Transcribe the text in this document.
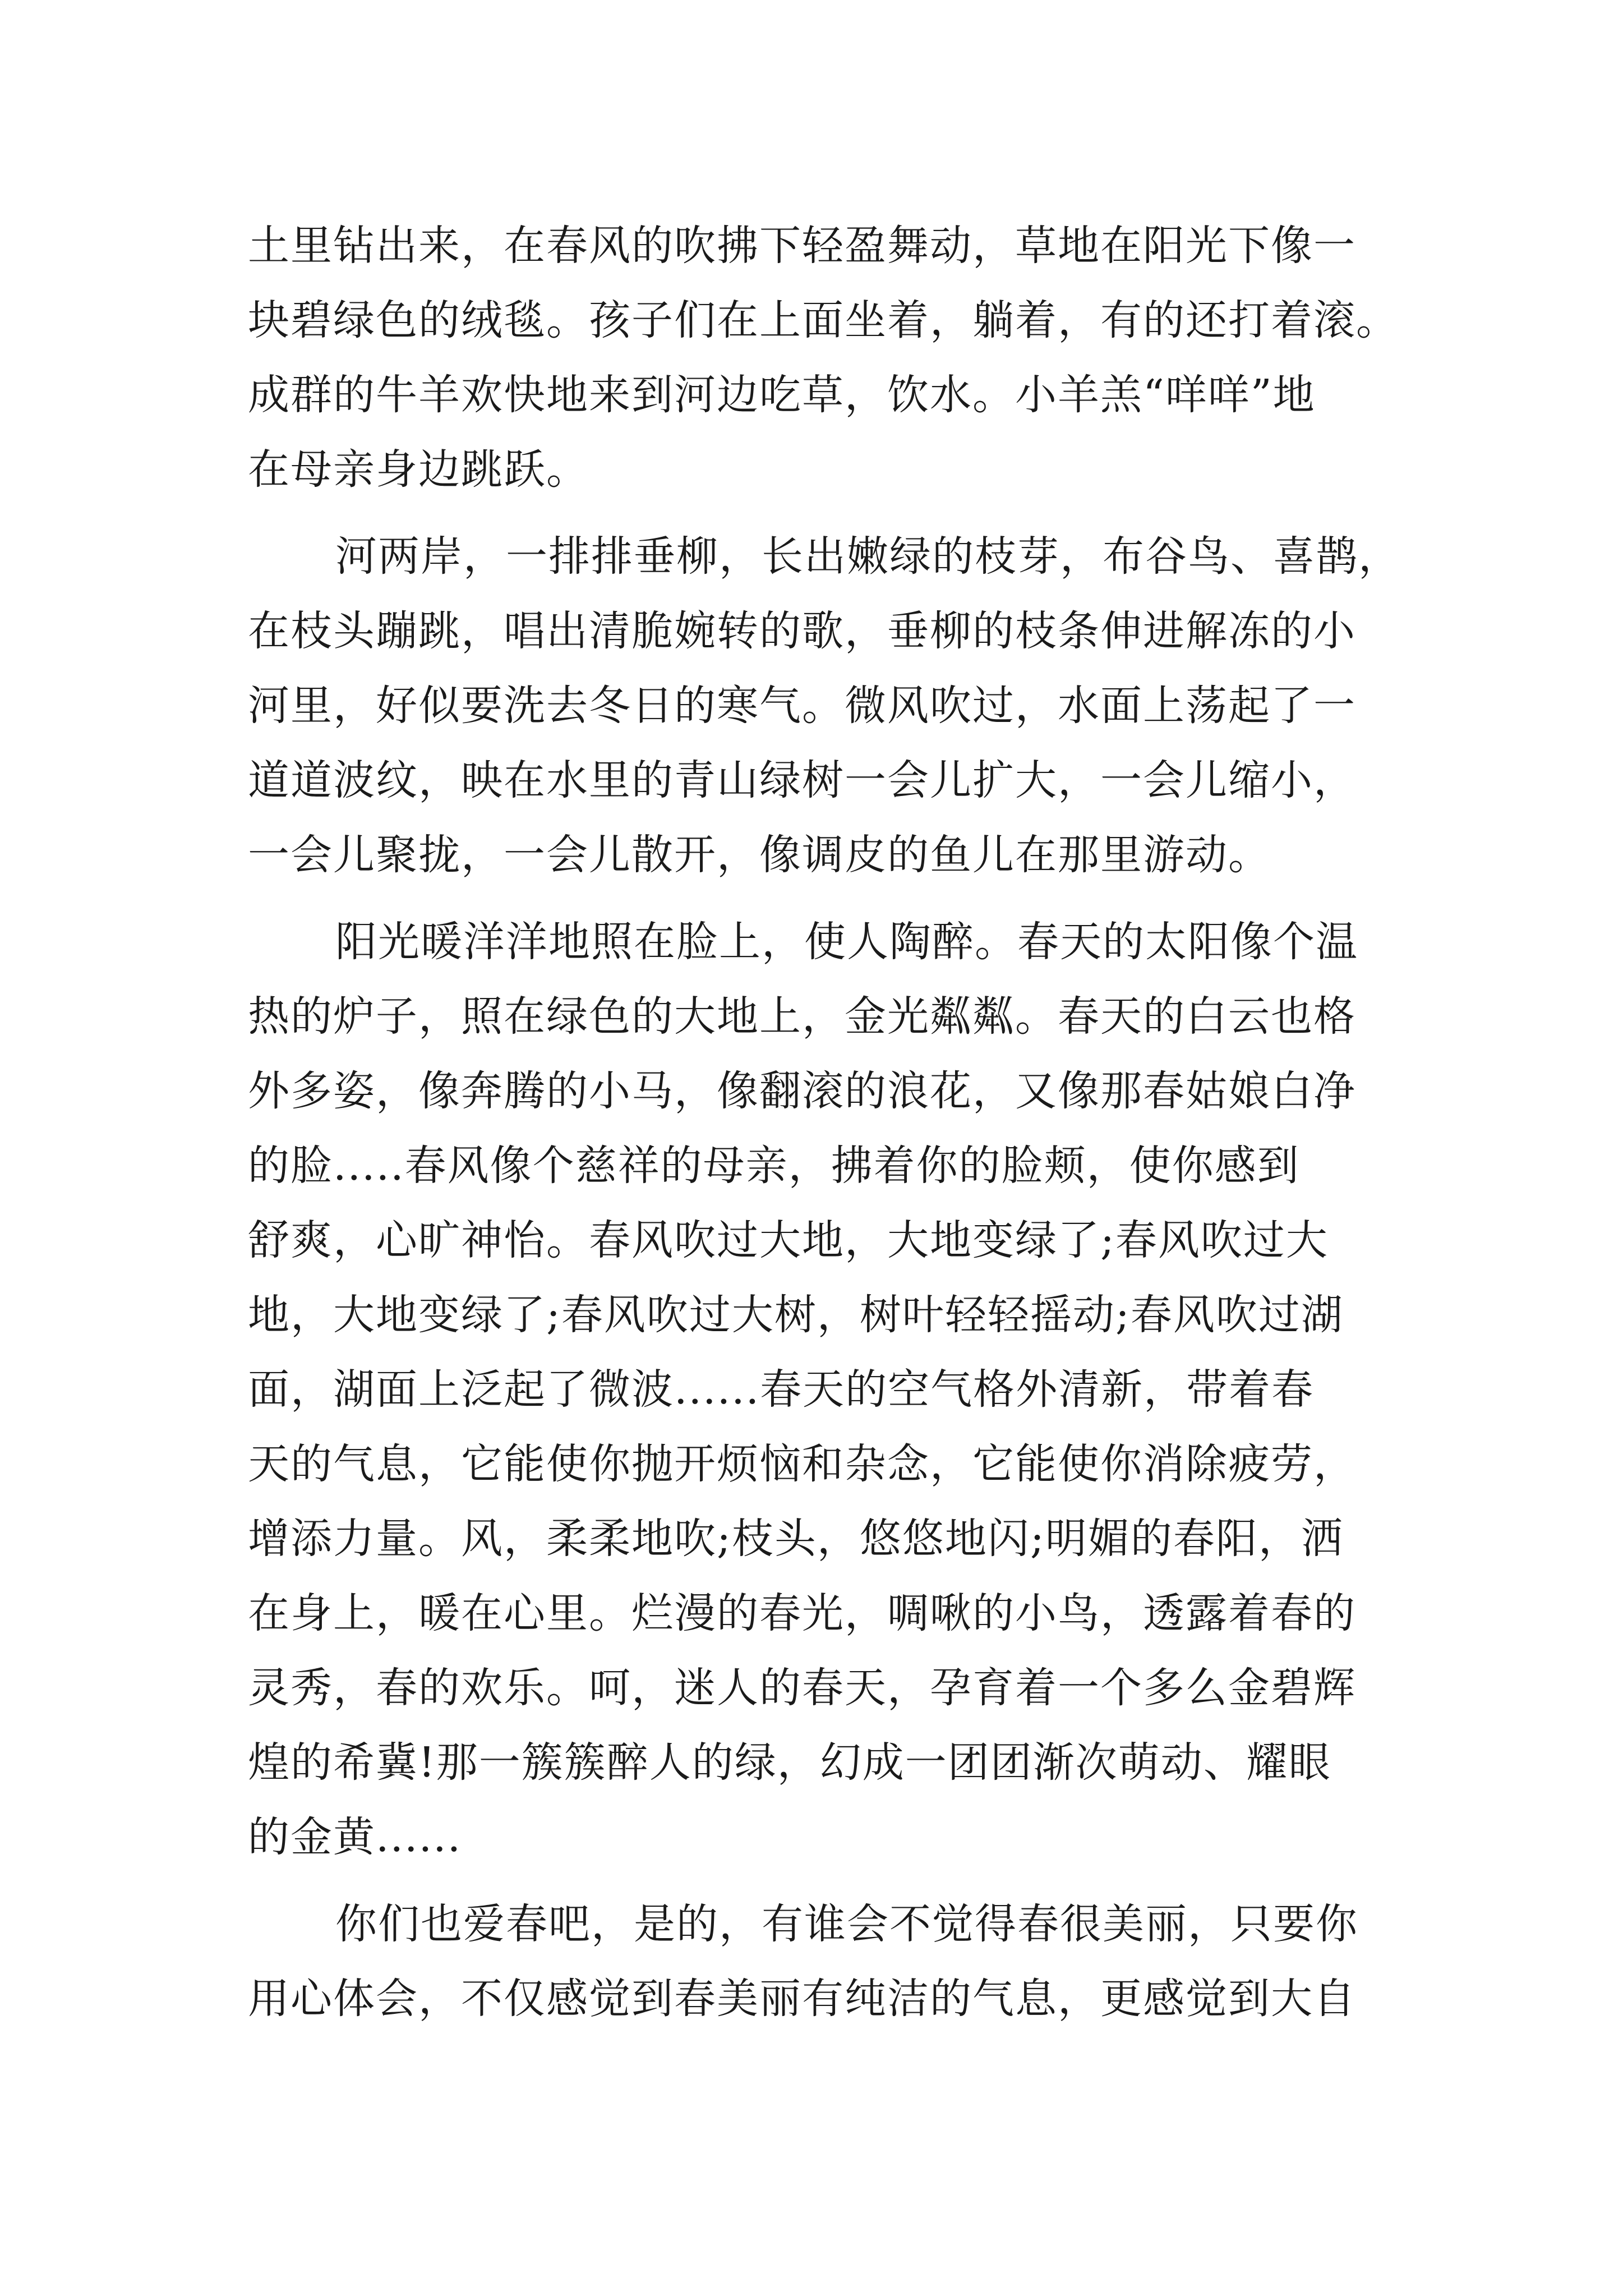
土里钻出来，在春风的吹拂下轻盈舞动，草地在阳光下像一
块碧绿色的绒毯。孩子们在上面坐着，躺着，有的还打着滚。
成群的牛羊欢快地来到河边吃草，饮水。小羊羔“咩咩”地
在母亲身边跳跃。
河两岸，一排排垂柳，长出嫩绿的枝芽，布谷鸟、喜鹊，
在枝头蹦跳，唱出清脆婉转的歌，垂柳的枝条伸进解冻的小
河里，好似要洗去冬日的寒气。微风吹过，水面上荡起了一
道道波纹，映在水里的青山绿树一会儿扩大，一会儿缩小，
一会儿聚拢，一会儿散开，像调皮的鱼儿在那里游动。
阳光暖洋洋地照在脸上，使人陶醉。春天的太阳像个温
热的炉子，照在绿色的大地上，金光粼粼。春天的白云也格
外多姿，像奔腾的小马，像翻滚的浪花，又像那春姑娘白净
的脸.....春风像个慈祥的母亲，拂着你的脸颊，使你感到
舒爽，心旷神怡。春风吹过大地，大地变绿了;春风吹过大
地，大地变绿了;春风吹过大树，树叶轻轻摇动;春风吹过湖
面，湖面上泛起了微波......春天的空气格外清新，带着春
天的气息，它能使你抛开烦恼和杂念，它能使你消除疲劳，
增添力量。风，柔柔地吹;枝头，悠悠地闪;明媚的春阳，洒
在身上，暖在心里。烂漫的春光，啁啾的小鸟，透露着春的
灵秀，春的欢乐。呵，迷人的春天，孕育着一个多么金碧辉
煌的希冀!那一簇簇醉人的绿，幻成一团团渐次萌动、耀眼
的金黄......
你们也爱春吧，是的，有谁会不觉得春很美丽，只要你
用心体会，不仅感觉到春美丽有纯洁的气息，更感觉到大自
